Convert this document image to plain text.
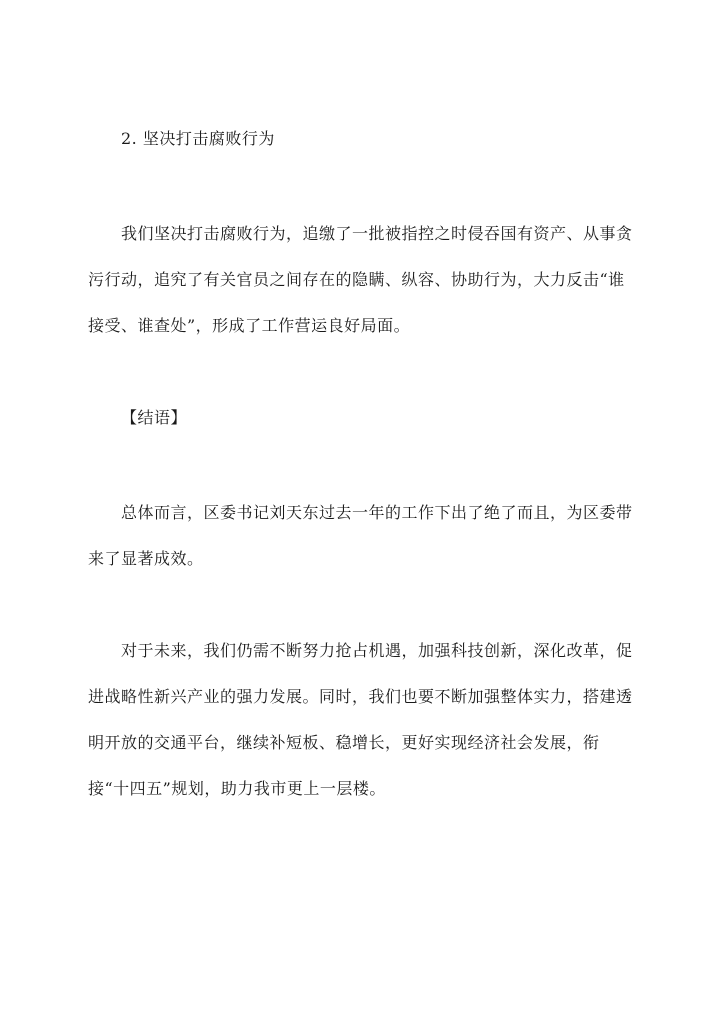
2. 坚决打击腐败行为

我们坚决打击腐败行为，追缴了一批被指控之时侵吞国有资产、从事贪污行动，追究了有关官员之间存在的隐瞒、纵容、协助行为，大力反击“谁接受、谁查处”，形成了工作营运良好局面。

【结语】

总体而言，区委书记刘天东过去一年的工作下出了绝了而且，为区委带来了显著成效。

对于未来，我们仍需不断努力抢占机遇，加强科技创新，深化改革，促进战略性新兴产业的强力发展。同时，我们也要不断加强整体实力，搭建透明开放的交通平台，继续补短板、稳增长，更好实现经济社会发展，衔接“十四五”规划，助力我市更上一层楼。
